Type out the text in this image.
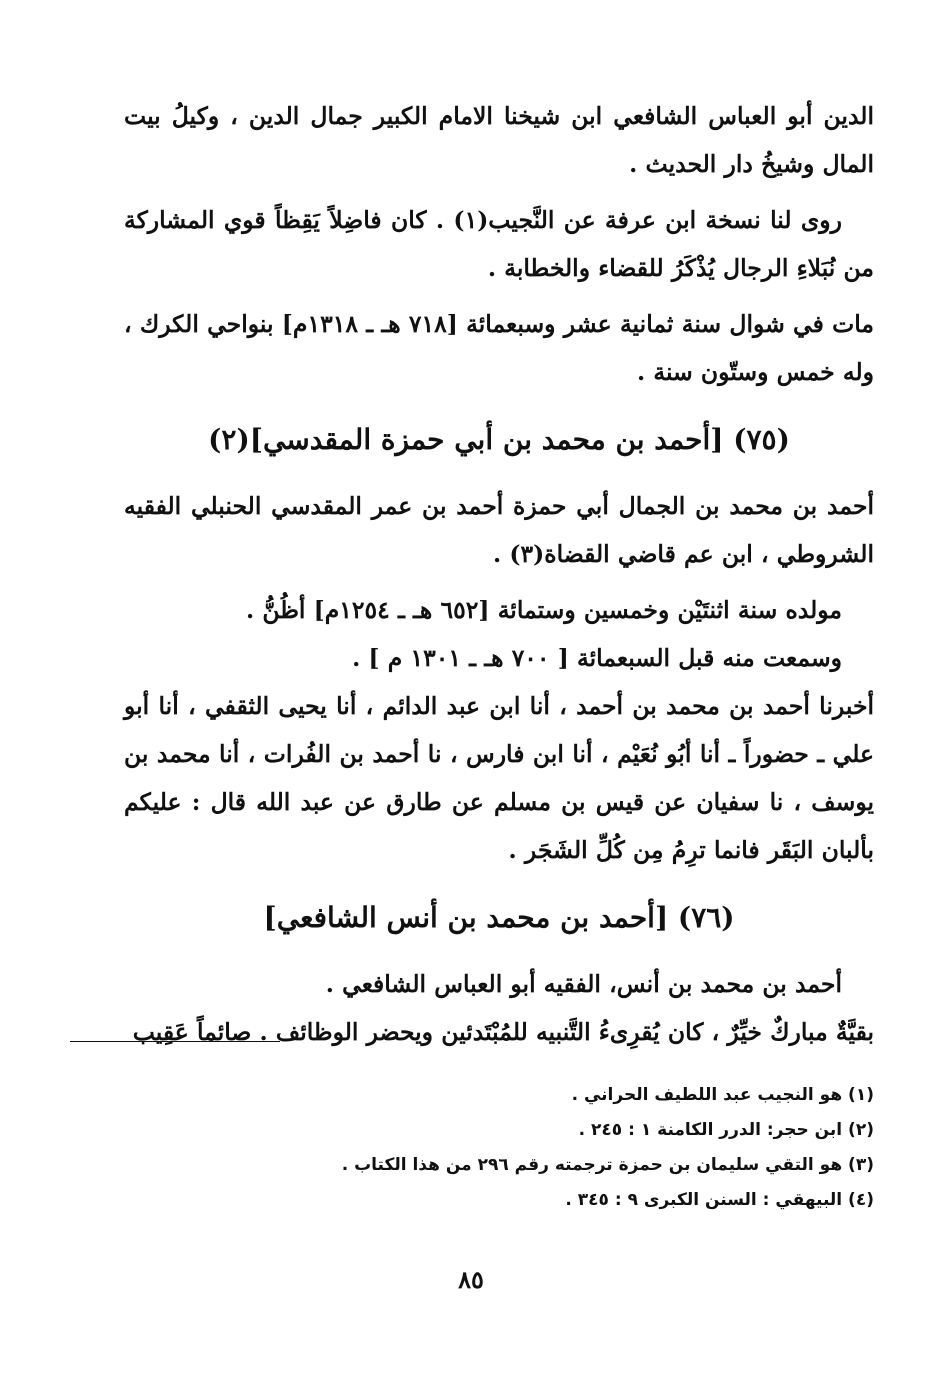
الدين أبو العباس الشافعي ابن شيخنا الامام الكبير جمال الدين ، وكيلُ بيت المال وشيخُ دار الحديث .

روى لنا نسخة ابن عرفة عن النَّجيب(١) . كان فاضِلاً يَقِظاً قوي المشاركة من نُبَلاءِ الرجال يُذْكَرُ للقضاء والخطابة .

مات في شوال سنة ثمانية عشر وسبعمائة [٧١٨ هـ ـ ١٣١٨م] بنواحي الكرك ، وله خمس وستّون سنة .

(٧٥) [أحمد بن محمد بن أبي حمزة المقدسي](٢)

أحمد بن محمد بن الجمال أبي حمزة أحمد بن عمر المقدسي الحنبلي الفقيه الشروطي ، ابن عم قاضي القضاة(٣) .

مولده سنة اثنتَيْن وخمسين وستمائة [٦٥٢ هـ ـ ١٢٥٤م] أظُنُّ .

وسمعت منه قبل السبعمائة [ ٧٠٠ هـ ـ ١٣٠١ م ] .

أخبرنا أحمد بن محمد بن أحمد ، أنا ابن عبد الدائم ، أنا يحيى الثقفي ، أنا أبو علي ـ حضوراً ـ أنا أبُو نُعَيْم ، أنا ابن فارس ، نا أحمد بن الفُرات ، أنا محمد بن يوسف ، نا سفيان عن قيس بن مسلم عن طارق عن عبد الله قال : عليكم بألبان البَقَر فانما ترِمُ مِن كُلِّ الشَجَر .

(٧٦) [أحمد بن محمد بن أنس الشافعي]

أحمد بن محمد بن أنس، الفقيه أبو العباس الشافعي .

بقيَّةٌ مباركٌ خيِّرٌ ، كان يُقرِىءُ التَّنبيه للمُبْتَدئين ويحضر الوظائف . صائماً عَقِيب

(١) هو النجيب عبد اللطيف الحراني .
(٢) ابن حجر: الدرر الكامنة ١ : ٢٤٥ .
(٣) هو التقي سليمان بن حمزة ترجمته رقم ٢٩٦ من هذا الكتاب .
(٤) البيهقي : السنن الكبرى ٩ : ٣٤٥ .
٨٥
